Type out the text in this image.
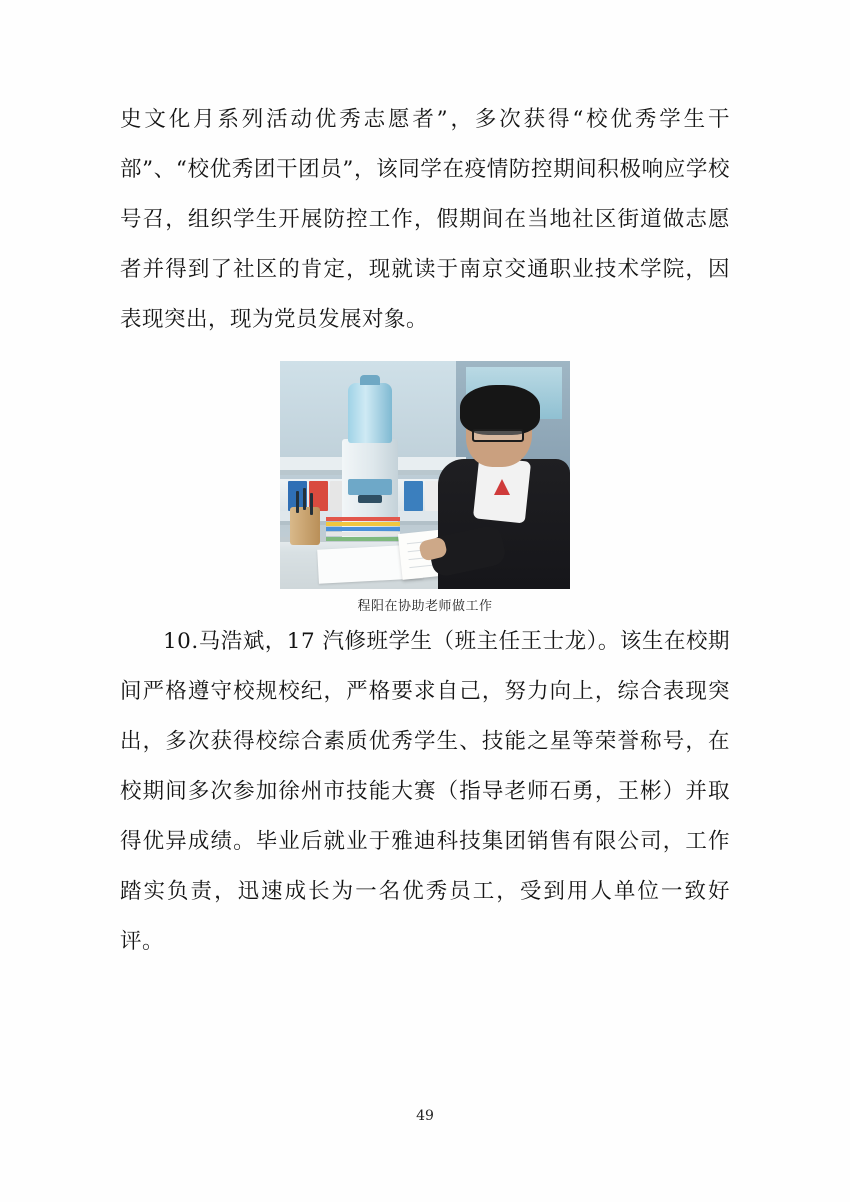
史文化月系列活动优秀志愿者”，多次获得“校优秀学生干部”、“校优秀团干团员”，该同学在疫情防控期间积极响应学校号召，组织学生开展防控工作，假期间在当地社区街道做志愿者并得到了社区的肯定，现就读于南京交通职业技术学院，因表现突出，现为党员发展对象。

程阳在协助老师做工作

10.马浩斌，17 汽修班学生（班主任王士龙）。该生在校期间严格遵守校规校纪，严格要求自己，努力向上，综合表现突出，多次获得校综合素质优秀学生、技能之星等荣誉称号，在校期间多次参加徐州市技能大赛（指导老师石勇，王彬）并取得优异成绩。毕业后就业于雅迪科技集团销售有限公司，工作踏实负责，迅速成长为一名优秀员工，受到用人单位一致好评。

49
